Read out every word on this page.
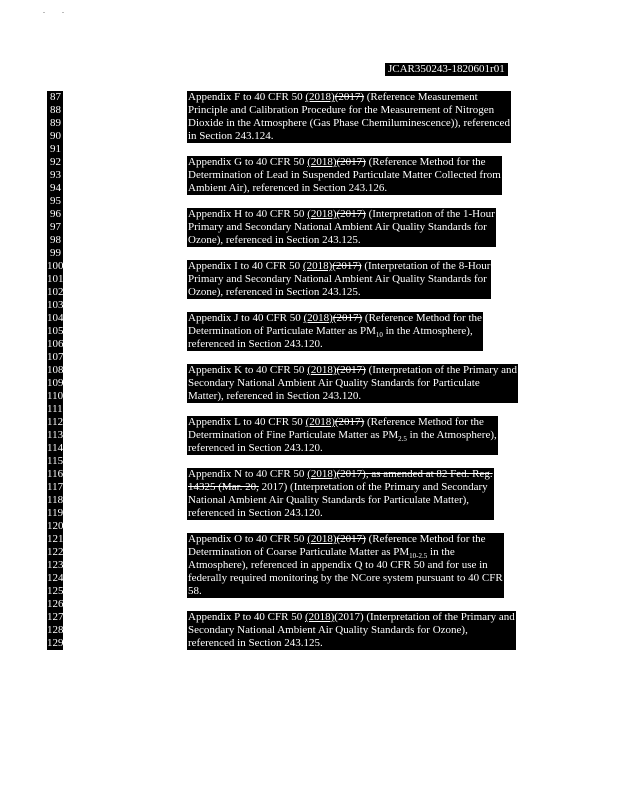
JCAR350243-1820601r01
87
88
89
90
91
92
93
94
95
96
97
98
99
100
101
102
103
104
105
106
107
108
109
110
111
112
113
114
115
116
117
118
119
120
121
122
123
124
125
126
127
128
129
Appendix F to 40 CFR 50 (2018)(2017) (Reference Measurement
Principle and Calibration Procedure for the Measurement of Nitrogen
Dioxide in the Atmosphere (Gas Phase Chemiluminescence)), referenced
in Section 243.124.
Appendix G to 40 CFR 50 (2018)(2017) (Reference Method for the
Determination of Lead in Suspended Particulate Matter Collected from
Ambient Air), referenced in Section 243.126.
Appendix H to 40 CFR 50 (2018)(2017) (Interpretation of the 1-Hour
Primary and Secondary National Ambient Air Quality Standards for
Ozone), referenced in Section 243.125.
Appendix I to 40 CFR 50 (2018)(2017) (Interpretation of the 8-Hour
Primary and Secondary National Ambient Air Quality Standards for
Ozone), referenced in Section 243.125.
Appendix J to 40 CFR 50 (2018)(2017) (Reference Method for the
Determination of Particulate Matter as $PM_{10}$ in the Atmosphere),
referenced in Section 243.120.
Appendix K to 40 CFR 50 (2018)(2017) (Interpretation of the Primary and
Secondary National Ambient Air Quality Standards for Particulate
Matter), referenced in Section 243.120.
Appendix L to 40 CFR 50 (2018)(2017) (Reference Method for the
Determination of Fine Particulate Matter as $PM_{2.5}$ in the Atmosphere),
referenced in Section 243.120.
Appendix N to 40 CFR 50 (2018)(2017), as amended at 82 Fed. Reg.
14325 (Mar. 20, 2017) (Interpretation of the Primary and Secondary
National Ambient Air Quality Standards for Particulate Matter),
referenced in Section 243.120.
Appendix O to 40 CFR 50 (2018)(2017) (Reference Method for the
Determination of Coarse Particulate Matter as $PM_{10-2.5}$ in the
Atmosphere), referenced in appendix Q to 40 CFR 50 and for use in
federally required monitoring by the NCore system pursuant to 40 CFR
58.
Appendix P to 40 CFR 50 (2018)(2017) (Interpretation of the Primary and
Secondary National Ambient Air Quality Standards for Ozone),
referenced in Section 243.125.
